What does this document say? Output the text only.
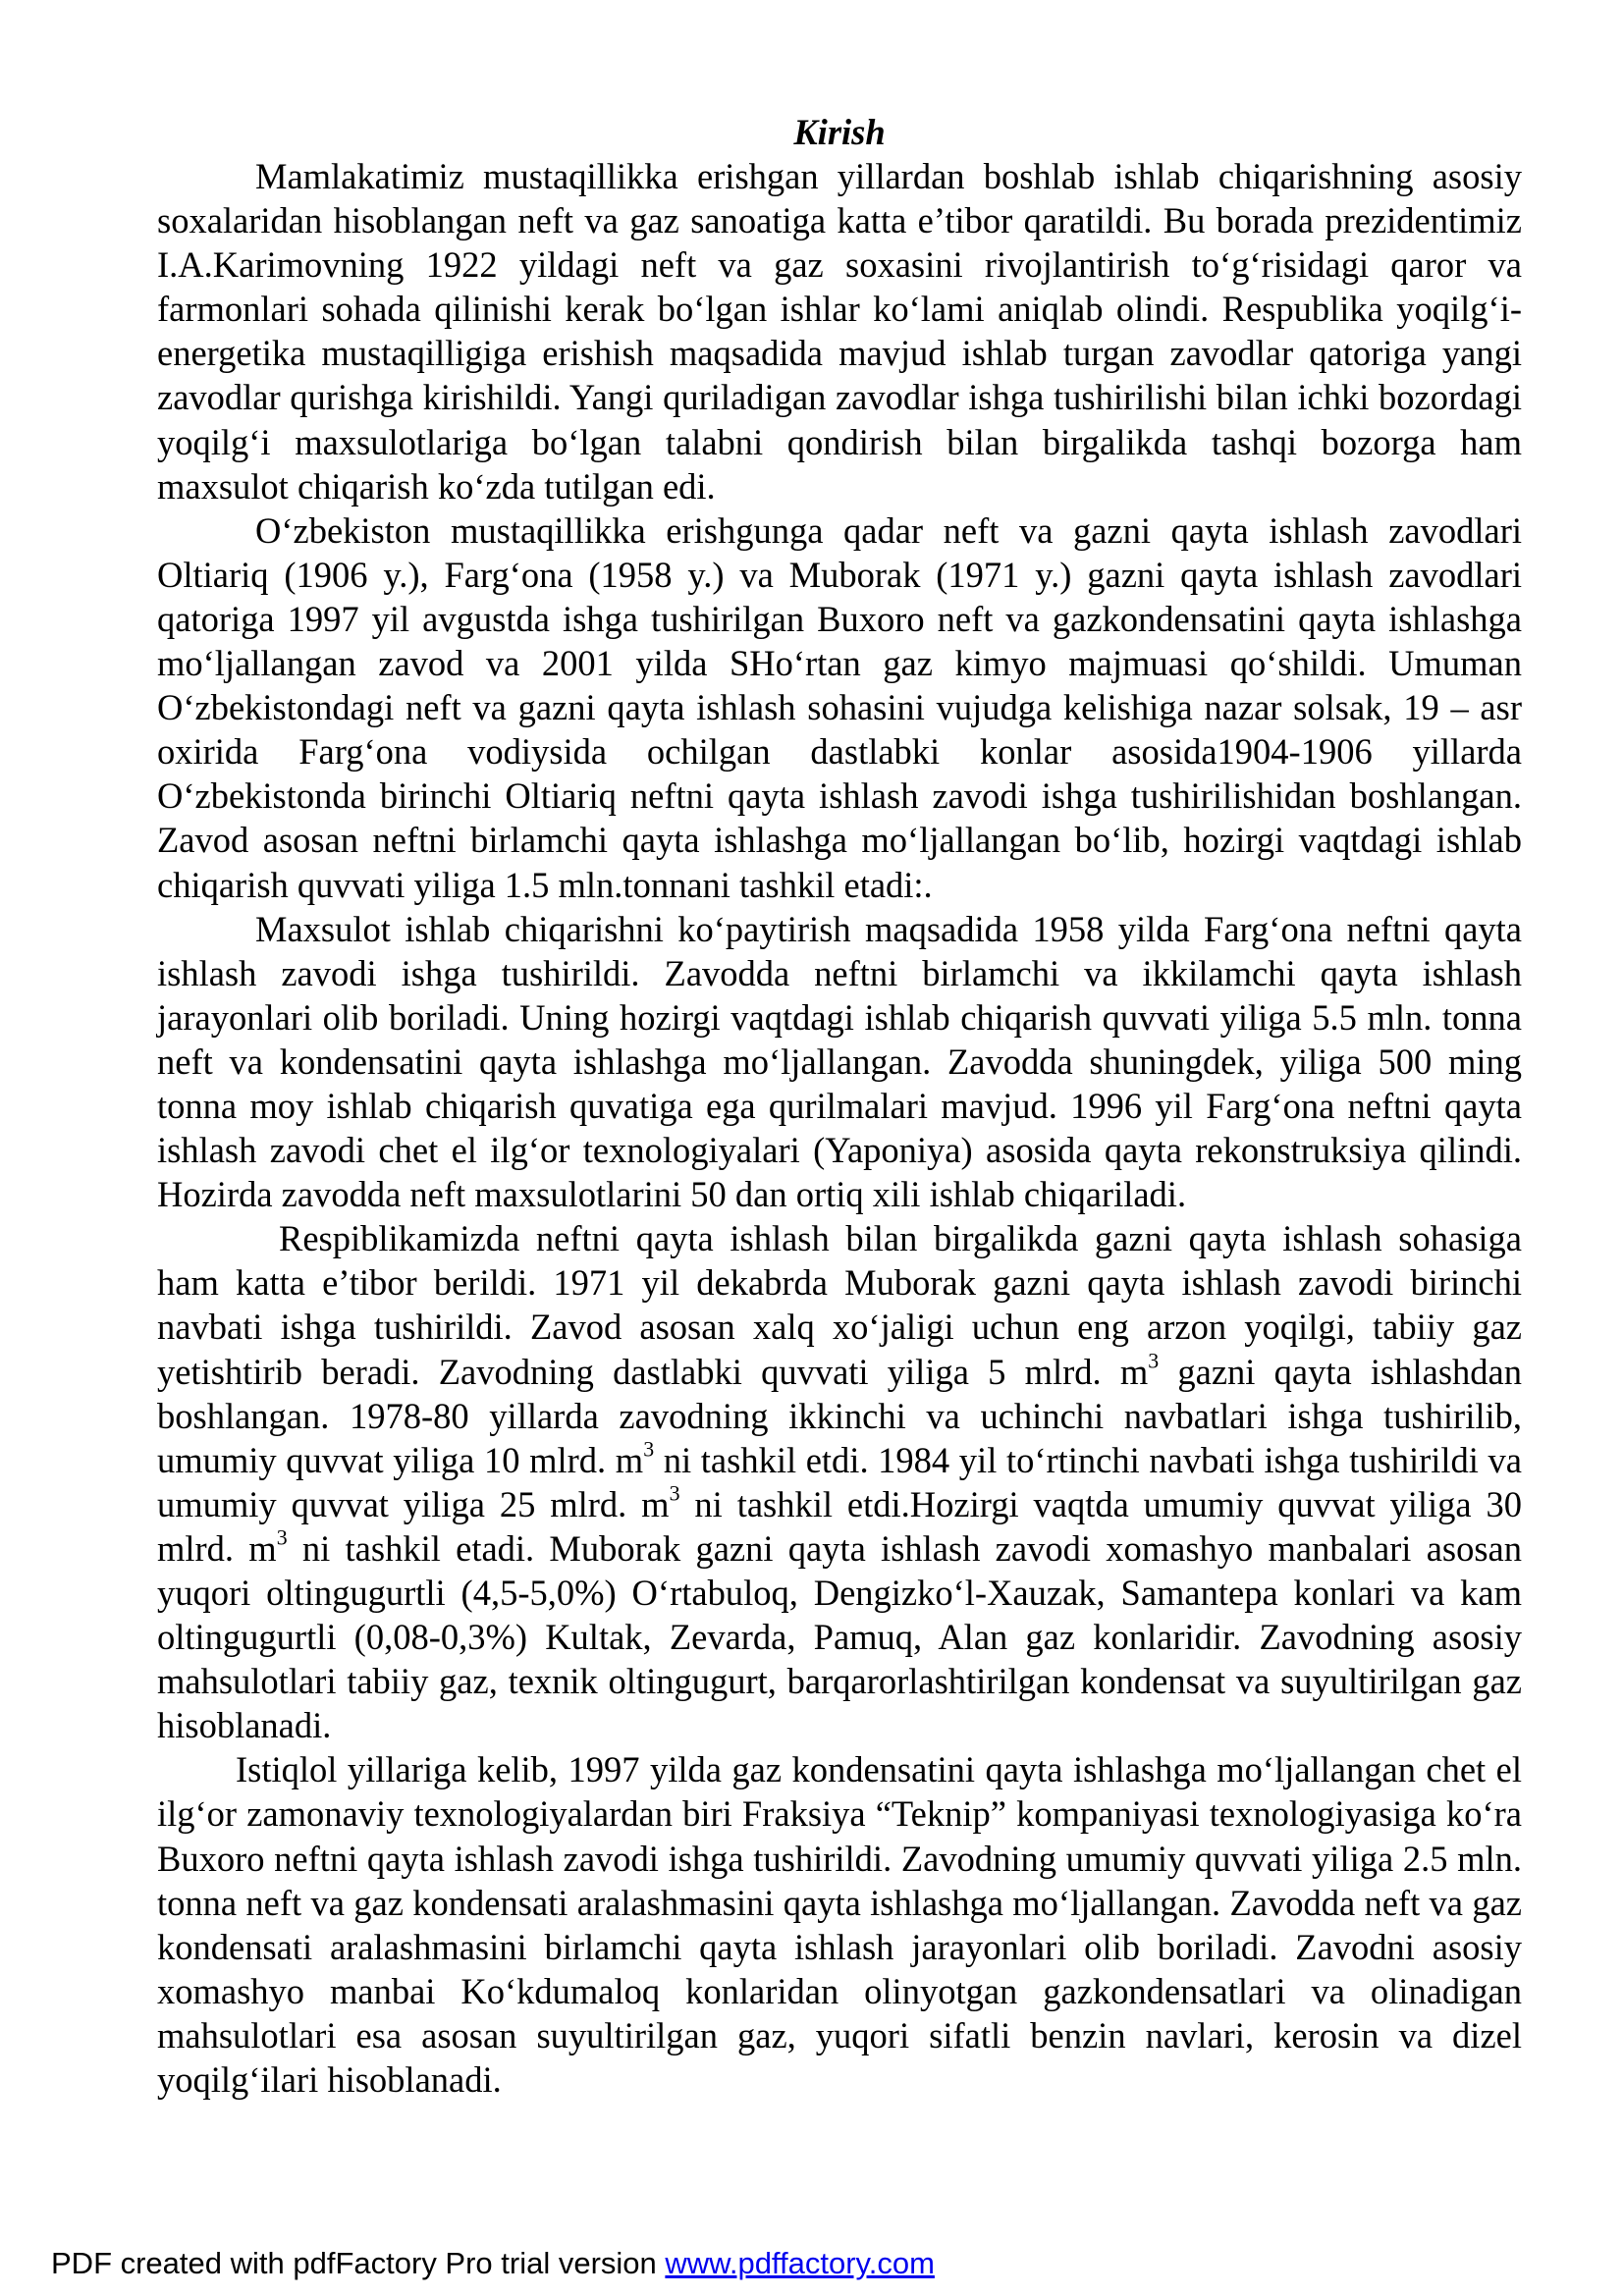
Kirish

Mamlakatimiz mustaqillikka erishgan yillardan boshlab ishlab chiqarishning asosiy soxalaridan hisoblangan neft va gaz sanoatiga katta e’tibor qaratildi. Bu borada prezidentimiz I.A.Karimovning 1922 yildagi neft va gaz soxasini rivojlantirish to‘g‘risidagi qaror va farmonlari sohada qilinishi kerak bo‘lgan ishlar ko‘lami aniqlab olindi. Respublika yoqilg‘i-energetika mustaqilligiga erishish maqsadida mavjud ishlab turgan zavodlar qatoriga yangi zavodlar qurishga kirishildi. Yangi quriladigan zavodlar ishga tushirilishi bilan ichki bozordagi yoqilg‘i maxsulotlariga bo‘lgan talabni qondirish bilan birgalikda tashqi bozorga ham maxsulot chiqarish ko‘zda tutilgan edi.

O‘zbekiston mustaqillikka erishgunga qadar neft va gazni qayta ishlash zavodlari Oltiariq (1906 y.), Farg‘ona (1958 y.) va Muborak (1971 y.) gazni qayta ishlash zavodlari qatoriga 1997 yil avgustda ishga tushirilgan Buxoro neft va gazkondensatini qayta ishlashga mo‘ljallangan zavod va 2001 yilda SHo‘rtan gaz kimyo majmuasi qo‘shildi. Umuman O‘zbekistondagi neft va gazni qayta ishlash sohasini vujudga kelishiga nazar solsak, 19 – asr oxirida Farg‘ona vodiysida ochilgan dastlabki konlar asosida1904-1906 yillarda O‘zbekistonda birinchi Oltiariq neftni qayta ishlash zavodi ishga tushirilishidan boshlangan. Zavod asosan neftni birlamchi qayta ishlashga mo‘ljallangan bo‘lib, hozirgi vaqtdagi ishlab chiqarish quvvati yiliga 1.5 mln.tonnani tashkil etadi:.

Maxsulot ishlab chiqarishni ko‘paytirish maqsadida 1958 yilda Farg‘ona neftni qayta ishlash zavodi ishga tushirildi. Zavodda neftni birlamchi va ikkilamchi qayta ishlash jarayonlari olib boriladi. Uning hozirgi vaqtdagi ishlab chiqarish quvvati yiliga 5.5 mln. tonna neft va kondensatini qayta ishlashga mo‘ljallangan. Zavodda shuningdek, yiliga 500 ming tonna moy ishlab chiqarish quvatiga ega qurilmalari mavjud. 1996 yil Farg‘ona neftni qayta ishlash zavodi chet el ilg‘or texnologiyalari (Yaponiya) asosida qayta rekonstruksiya qilindi. Hozirda zavodda neft maxsulotlarini 50 dan ortiq xili ishlab chiqariladi.

Respiblikamizda neftni qayta ishlash bilan birgalikda gazni qayta ishlash sohasiga ham katta e’tibor berildi. 1971 yil dekabrda Muborak gazni qayta ishlash zavodi birinchi navbati ishga tushirildi. Zavod asosan xalq xo‘jaligi uchun eng arzon yoqilgi, tabiiy gaz yetishtirib beradi. Zavodning dastlabki quvvati yiliga 5 mlrd. $m^3$ gazni qayta ishlashdan boshlangan. 1978-80 yillarda zavodning ikkinchi va uchinchi navbatlari ishga tushirilib, umumiy quvvat yiliga 10 mlrd. $m^3$ ni tashkil etdi. 1984 yil to‘rtinchi navbati ishga tushirildi va umumiy quvvat yiliga 25 mlrd. $m^3$ ni tashkil etdi.Hozirgi vaqtda umumiy quvvat yiliga 30 mlrd. $m^3$ ni tashkil etadi. Muborak gazni qayta ishlash zavodi xomashyo manbalari asosan yuqori oltingugurtli (4,5-5,0%) O‘rtabuloq, Dengizko‘l-Xauzak, Samantepa konlari va kam oltingugurtli (0,08-0,3%) Kultak, Zevarda, Pamuq, Alan gaz konlaridir. Zavodning asosiy mahsulotlari tabiiy gaz, texnik oltingugurt, barqarorlashtirilgan kondensat va suyultirilgan gaz hisoblanadi.

Istiqlol yillariga kelib, 1997 yilda gaz kondensatini qayta ishlashga mo‘ljallangan chet el ilg‘or zamonaviy texnologiyalardan biri Fraksiya “Teknip” kompaniyasi texnologiyasiga ko‘ra Buxoro neftni qayta ishlash zavodi ishga tushirildi. Zavodning umumiy quvvati yiliga 2.5 mln. tonna neft va gaz kondensati aralashmasini qayta ishlashga mo‘ljallangan. Zavodda neft va gaz kondensati aralashmasini birlamchi qayta ishlash jarayonlari olib boriladi. Zavodni asosiy xomashyo manbai Ko‘kdumaloq konlaridan olinyotgan gazkondensatlari va olinadigan mahsulotlari esa asosan suyultirilgan gaz, yuqori sifatli benzin navlari, kerosin va dizel yoqilg‘ilari hisoblanadi.

PDF created with pdfFactory Pro trial version www.pdffactory.com
